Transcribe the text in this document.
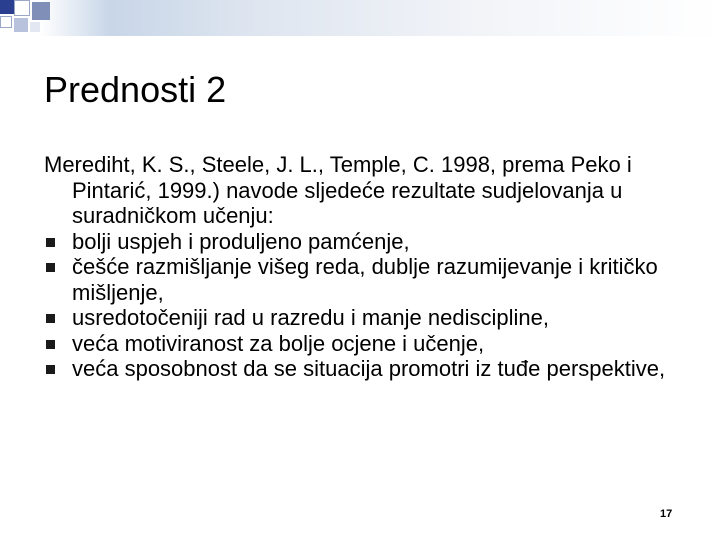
Prednosti 2

Merediht, K. S., Steele, J. L., Temple, C. 1998, prema Peko i Pintarić, 1999.) navode sljedeće rezultate sudjelovanja u suradničkom učenju:

bolji uspjeh i produljeno pamćenje,
češće razmišljanje višeg reda, dublje razumijevanje i kritičko mišljenje,
usredotočeniji rad u razredu i manje nediscipline,
veća motiviranost za bolje ocjene i učenje,
veća sposobnost da se situacija promotri iz tuđe perspektive,
17
